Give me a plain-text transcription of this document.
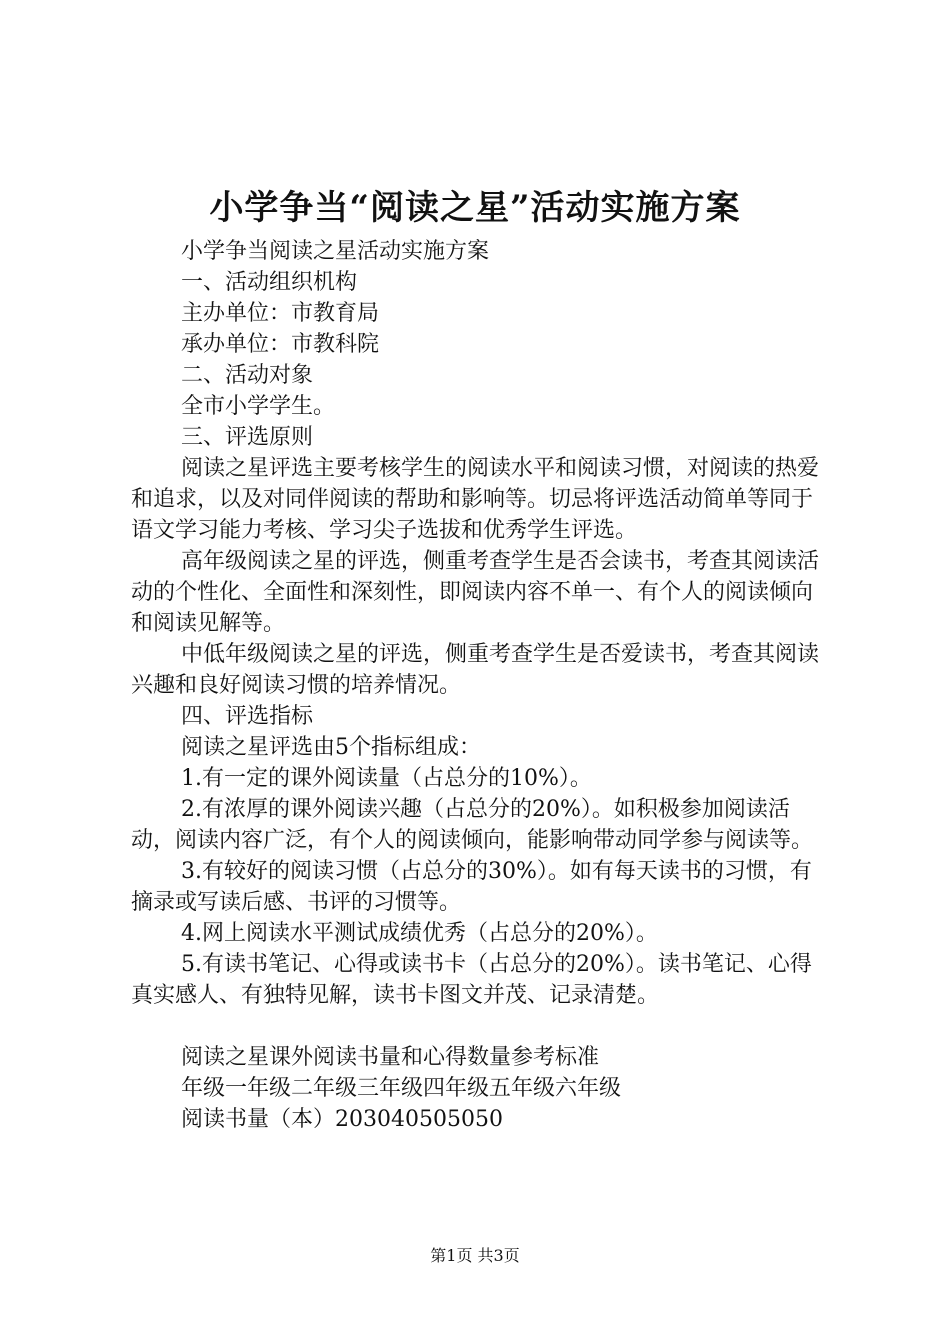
小学争当“阅读之星”活动实施方案

小学争当阅读之星活动实施方案

一、活动组织机构

主办单位：市教育局

承办单位：市教科院

二、活动对象

全市小学学生。

三、评选原则

阅读之星评选主要考核学生的阅读水平和阅读习惯，对阅读的热爱和追求，以及对同伴阅读的帮助和影响等。切忌将评选活动简单等同于语文学习能力考核、学习尖子选拔和优秀学生评选。

高年级阅读之星的评选，侧重考查学生是否会读书，考查其阅读活动的个性化、全面性和深刻性，即阅读内容不单一、有个人的阅读倾向和阅读见解等。

中低年级阅读之星的评选，侧重考查学生是否爱读书，考查其阅读兴趣和良好阅读习惯的培养情况。

四、评选指标

阅读之星评选由5个指标组成：

1.有一定的课外阅读量（占总分的10%）。

2.有浓厚的课外阅读兴趣（占总分的20%）。如积极参加阅读活动，阅读内容广泛，有个人的阅读倾向，能影响带动同学参与阅读等。

3.有较好的阅读习惯（占总分的30%）。如有每天读书的习惯，有摘录或写读后感、书评的习惯等。

4.网上阅读水平测试成绩优秀（占总分的20%）。

5.有读书笔记、心得或读书卡（占总分的20%）。读书笔记、心得真实感人、有独特见解，读书卡图文并茂、记录清楚。

阅读之星课外阅读书量和心得数量参考标准

年级一年级二年级三年级四年级五年级六年级

阅读书量（本）203040505050

第1页 共3页
